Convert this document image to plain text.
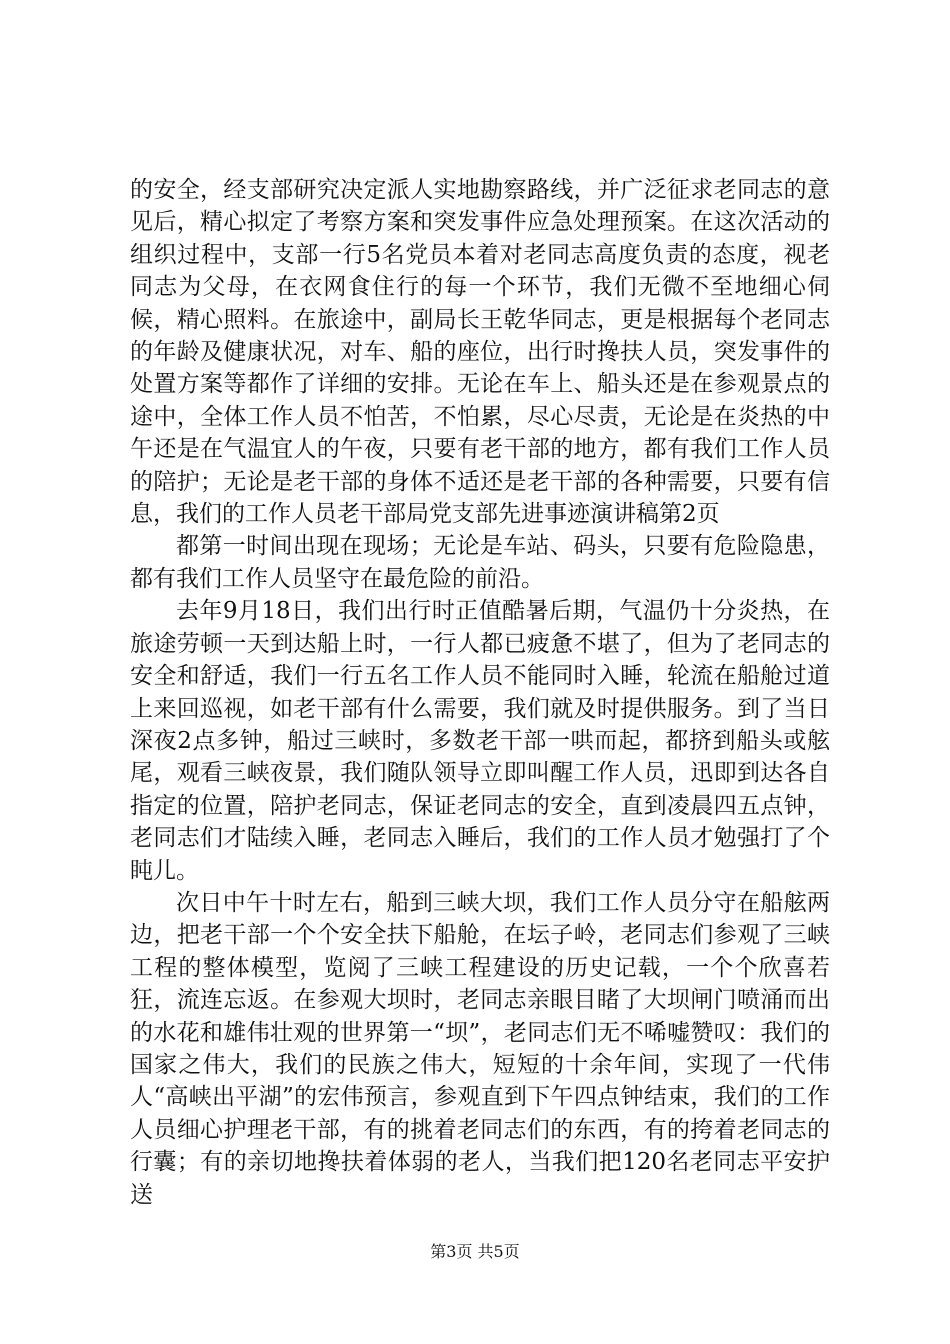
的安全，经支部研究决定派人实地勘察路线，并广泛征求老同志的意见后，精心拟定了考察方案和突发事件应急处理预案。在这次活动的组织过程中，支部一行5名党员本着对老同志高度负责的态度，视老同志为父母，在衣网食住行的每一个环节，我们无微不至地细心伺候，精心照料。在旅途中，副局长王乾华同志，更是根据每个老同志的年龄及健康状况，对车、船的座位，出行时搀扶人员，突发事件的处置方案等都作了详细的安排。无论在车上、船头还是在参观景点的途中，全体工作人员不怕苦，不怕累，尽心尽责，无论是在炎热的中午还是在气温宜人的午夜，只要有老干部的地方，都有我们工作人员的陪护；无论是老干部的身体不适还是老干部的各种需要，只要有信息，我们的工作人员老干部局党支部先进事迹演讲稿第2页

都第一时间出现在现场；无论是车站、码头，只要有危险隐患，都有我们工作人员坚守在最危险的前沿。

去年9月18日，我们出行时正值酷暑后期，气温仍十分炎热，在旅途劳顿一天到达船上时，一行人都已疲惫不堪了，但为了老同志的安全和舒适，我们一行五名工作人员不能同时入睡，轮流在船舱过道上来回巡视，如老干部有什么需要，我们就及时提供服务。到了当日深夜2点多钟，船过三峡时，多数老干部一哄而起，都挤到船头或舷尾，观看三峡夜景，我们随队领导立即叫醒工作人员，迅即到达各自指定的位置，陪护老同志，保证老同志的安全，直到凌晨四五点钟，老同志们才陆续入睡，老同志入睡后，我们的工作人员才勉强打了个盹儿。

次日中午十时左右，船到三峡大坝，我们工作人员分守在船舷两边，把老干部一个个安全扶下船舱，在坛子岭，老同志们参观了三峡工程的整体模型，览阅了三峡工程建设的历史记载，一个个欣喜若狂，流连忘返。在参观大坝时，老同志亲眼目睹了大坝闸门喷涌而出的水花和雄伟壮观的世界第一“坝”，老同志们无不唏嘘赞叹：我们的国家之伟大，我们的民族之伟大，短短的十余年间，实现了一代伟人“高峡出平湖”的宏伟预言，参观直到下午四点钟结束，我们的工作人员细心护理老干部，有的挑着老同志们的东西，有的挎着老同志的行囊；有的亲切地搀扶着体弱的老人，当我们把120名老同志平安护送

第3页 共5页
